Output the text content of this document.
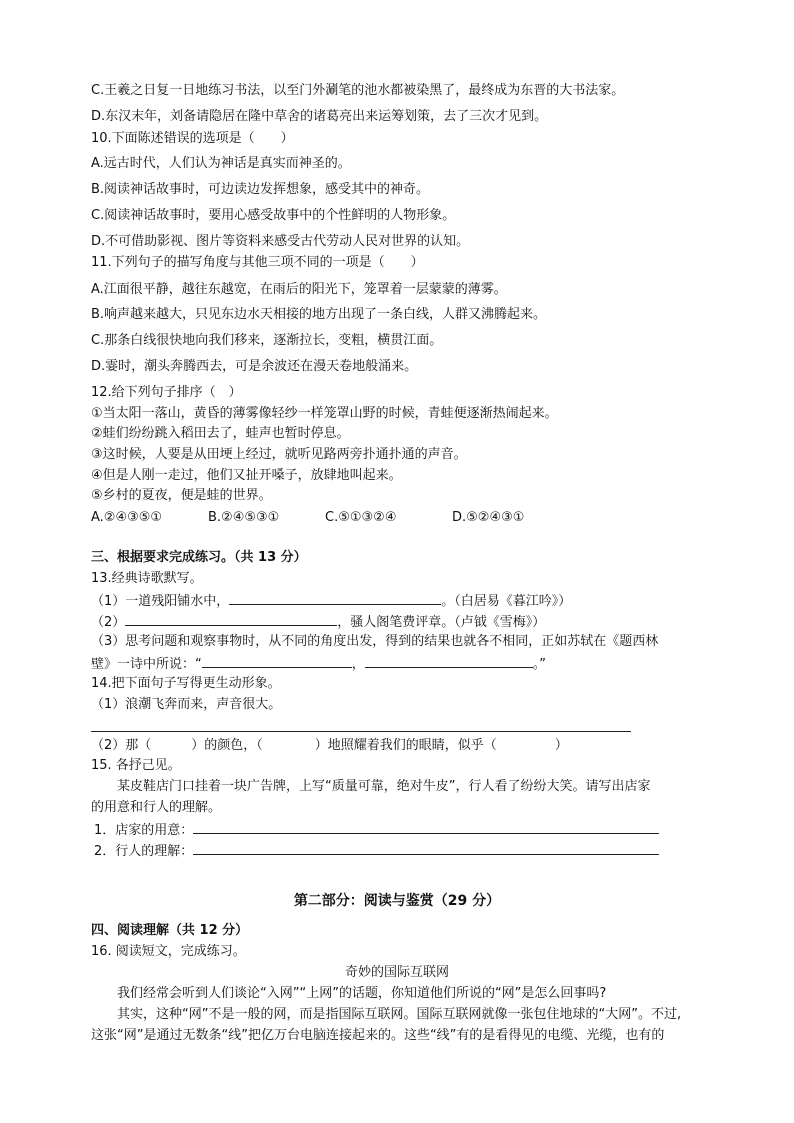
C.王羲之日复一日地练习书法，以至门外涮笔的池水都被染黑了，最终成为东晋的大书法家。
D.东汉末年，刘备请隐居在隆中草舍的诸葛亮出来运筹划策，去了三次才见到。
10.下面陈述错误的选项是（　　）
A.远古时代，人们认为神话是真实而神圣的。
B.阅读神话故事时，可边读边发挥想象，感受其中的神奇。
C.阅读神话故事时，要用心感受故事中的个性鲜明的人物形象。
D.不可借助影视、图片等资料来感受古代劳动人民对世界的认知。
11.下列句子的描写角度与其他三项不同的一项是（　　）
A.江面很平静，越往东越宽，在雨后的阳光下，笼罩着一层蒙蒙的薄雾。
B.响声越来越大，只见东边水天相接的地方出现了一条白线，人群又沸腾起来。
C.那条白线很快地向我们移来，逐渐拉长，变粗，横贯江面。
D.霎时，潮头奔腾西去，可是余波还在漫天卷地般涌来。
12.给下列句子排序（　）
①当太阳一落山，黄昏的薄雾像轻纱一样笼罩山野的时候，青蛙便逐渐热闹起来。
②蛙们纷纷跳入稻田去了，蛙声也暂时停息。
③这时候，人要是从田埂上经过，就听见路两旁扑通扑通的声音。
④但是人刚一走过，他们又扯开嗓子，放肆地叫起来。
⑤乡村的夏夜，便是蛙的世界。
A.②④③⑤①	B.②④⑤③①	C.⑤①③②④	D.⑤②④③①
三、根据要求完成练习。（共 13 分）
13.经典诗歌默写。
（1）一道残阳铺水中，	。（白居易《暮江吟》）
（2）	，骚人阁笔费评章。（卢钺《雪梅》）
（3）思考问题和观察事物时，从不同的角度出发，得到的结果也就各不相同，正如苏轼在《题西林
壁》一诗中所说：“	，	。”
14.把下面句子写得更生动形象。
（1）浪潮飞奔而来，声音很大。
（2）那（	）的颜色，（	）地照耀着我们的眼睛，似乎（	）
15. 各抒己见。
某皮鞋店门口挂着一块广告牌，上写“质量可靠，绝对牛皮”，行人看了纷纷大笑。请写出店家
的用意和行人的理解。
1．店家的用意：
2．行人的理解：
第二部分：阅读与鉴赏（29 分）
四、阅读理解（共 12 分）
16. 阅读短文，完成练习。
奇妙的国际互联网
我们经常会听到人们谈论“入网”“上网”的话题，你知道他们所说的“网”是怎么回事吗?
其实，这种“网”不是一般的网，而是指国际互联网。国际互联网就像一张包住地球的“大网”。不过,
这张“网”是通过无数条“线”把亿万台电脑连接起来的。这些“线”有的是看得见的电缆、光缆，也有的
